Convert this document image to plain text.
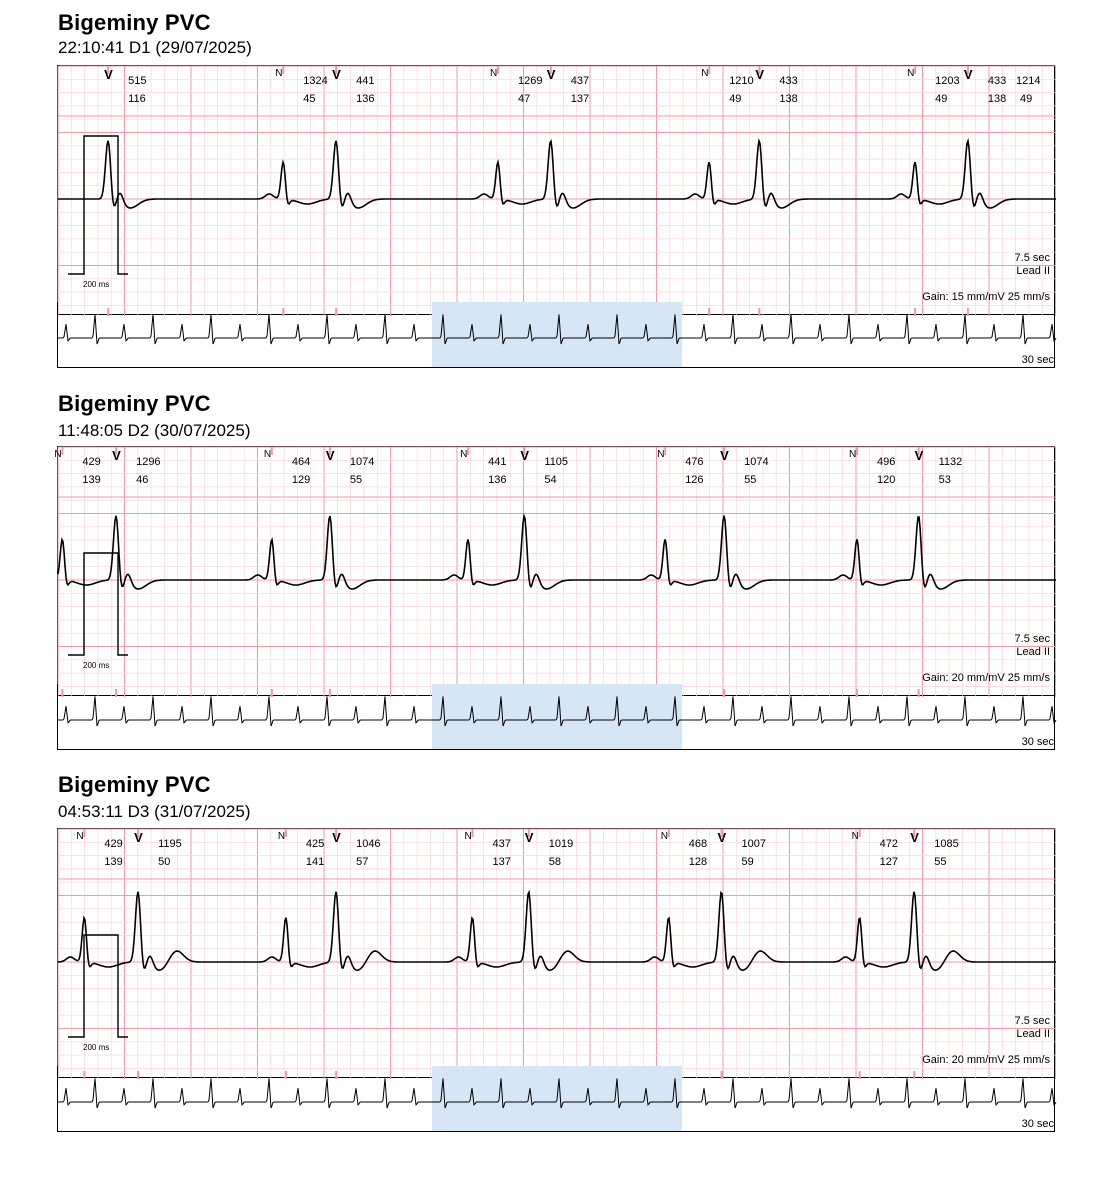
Bigeminy PVC
22:10:41 D1 (29/07/2025)
V 515
116
N
1324
45
V 441
136
N
1269
47
V 437
137
N
1210
49
V 433
138
N
1203
49
V 433
138
1214
49
7.5 sec
Lead II
Gain: 15 mm/mV 25 mm/s
200 ms
30 sec
Bigeminy PVC
11:48:05 D2 (30/07/2025)
N
429
139
V 1296
46
N
464
129
V 1074
55
N
441
136
V 1105
54
N
476
126
V 1074
55
N
496
120
V 1132
53
7.5 sec
Lead II
Gain: 20 mm/mV 25 mm/s
200 ms
30 sec
Bigeminy PVC
04:53:11 D3 (31/07/2025)
N
429
139
V 1195
50
N
425
141
V 1046
57
N
437
137
V 1019
58
N
468
128
V 1007
59
N
472
127
V 1085
55
7.5 sec
Lead II
Gain: 20 mm/mV 25 mm/s
200 ms
30 sec
